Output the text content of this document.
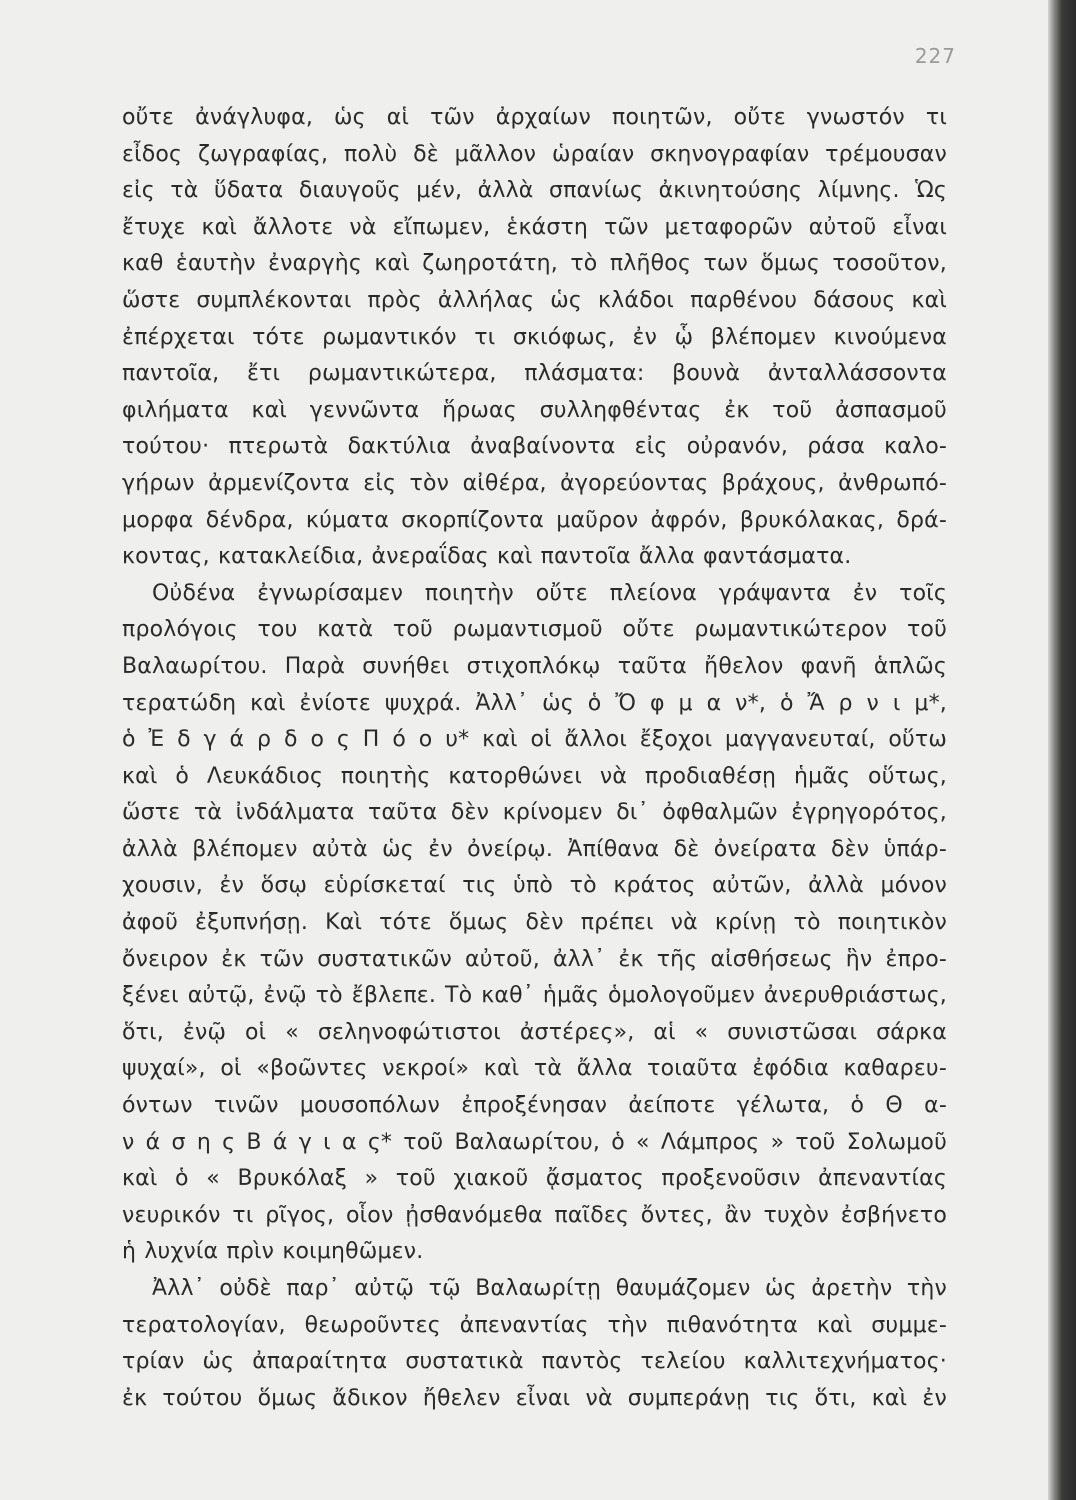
227
οὔτε ἀνάγλυφα, ὡς αἱ τῶν ἀρχαίων ποιητῶν, οὔτε γνωστόν τι
εἶδος ζωγραφίας, πολὺ δὲ μᾶλλον ὡραίαν σκηνογραφίαν τρέμουσαν
εἰς τὰ ὕδατα διαυγοῦς μέν, ἀλλὰ σπανίως ἀκινητούσης λίμνης. Ὡς
ἔτυχε καὶ ἄλλοτε νὰ εἴπωμεν, ἑκάστη τῶν μεταφορῶν αὐτοῦ εἶναι
καθ ἑαυτὴν ἐναργὴς καὶ ζωηροτάτη, τὸ πλῆθος των ὅμως τοσοῦτον,
ὥστε συμπλέκονται πρὸς ἀλλήλας ὡς κλάδοι παρθένου δάσους καὶ
ἐπέρχεται τότε ρωμαντικόν τι σκιόφως, ἐν ᾧ βλέπομεν κινούμενα
παντοῖα, ἔτι ρωμαντικώτερα, πλάσματα: βουνὰ ἀνταλλάσσοντα
φιλήματα καὶ γεννῶντα ἥρωας συλληφθέντας ἐκ τοῦ ἀσπασμοῦ
τούτου· πτερωτὰ δακτύλια ἀναβαίνοντα εἰς οὐρανόν, ράσα καλο-
γήρων ἀρμενίζοντα εἰς τὸν αἰθέρα, ἀγορεύοντας βράχους, ἀνθρωπό-
μορφα δένδρα, κύματα σκορπίζοντα μαῦρον ἀφρόν, βρυκόλακας, δρά-
κοντας, κατακλείδια, ἀνεραΐδας καὶ παντοῖα ἄλλα φαντάσματα.
Οὐδένα ἐγνωρίσαμεν ποιητὴν οὔτε πλείονα γράψαντα ἐν τοῖς
προλόγοις του κατὰ τοῦ ρωμαντισμοῦ οὔτε ρωμαντικώτερον τοῦ
Βαλαωρίτου. Παρὰ συνήθει στιχοπλόκῳ ταῦτα ἤθελον φανῆ ἁπλῶς
τερατώδη καὶ ἐνίοτε ψυχρά. Ἀλλ᾽ ὡς ὁ Ὄ φ μ α ν*, ὁ Ἄ ρ ν ι μ*,
ὁ Ἐ δ γ ά ρ δ ο ς Π ό ο υ* καὶ οἱ ἄλλοι ἔξοχοι μαγγανευταί, οὕτω
καὶ ὁ Λευκάδιος ποιητὴς κατορθώνει νὰ προδιαθέσῃ ἡμᾶς οὕτως,
ὥστε τὰ ἰνδάλματα ταῦτα δὲν κρίνομεν δι᾽ ὀφθαλμῶν ἐγρηγορότος,
ἀλλὰ βλέπομεν αὐτὰ ὡς ἐν ὀνείρῳ. Ἀπίθανα δὲ ὀνείρατα δὲν ὑπάρ-
χουσιν, ἐν ὅσῳ εὑρίσκεταί τις ὑπὸ τὸ κράτος αὐτῶν, ἀλλὰ μόνον
ἀφοῦ ἐξυπνήσῃ. Καὶ τότε ὅμως δὲν πρέπει νὰ κρίνῃ τὸ ποιητικὸν
ὄνειρον ἐκ τῶν συστατικῶν αὐτοῦ, ἀλλ᾽ ἐκ τῆς αἰσθήσεως ἣν ἐπρο-
ξένει αὐτῷ, ἐνῷ τὸ ἔβλεπε. Τὸ καθ᾽ ἡμᾶς ὁμολογοῦμεν ἀνερυθριάστως,
ὅτι, ἐνῷ οἱ « σεληνοφώτιστοι ἀστέρες», αἱ « συνιστῶσαι σάρκα
ψυχαί», οἱ «βοῶντες νεκροί» καὶ τὰ ἄλλα τοιαῦτα ἐφόδια καθαρευ-
όντων τινῶν μουσοπόλων ἐπροξένησαν ἀείποτε γέλωτα, ὁ Θ α-
ν ά σ η ς Β ά γ ι α ς* τοῦ Βαλαωρίτου, ὁ « Λάμπρος » τοῦ Σολωμοῦ
καὶ ὁ « Βρυκόλαξ » τοῦ χιακοῦ ᾄσματος προξενοῦσιν ἀπεναντίας
νευρικόν τι ρῖγος, οἷον ᾐσθανόμεθα παῖδες ὄντες, ἂν τυχὸν ἐσβήνετο
ἡ λυχνία πρὶν κοιμηθῶμεν.
Ἀλλ᾽ οὐδὲ παρ᾽ αὐτῷ τῷ Βαλαωρίτῃ θαυμάζομεν ὡς ἀρετὴν τὴν
τερατολογίαν, θεωροῦντες ἀπεναντίας τὴν πιθανότητα καὶ συμμε-
τρίαν ὡς ἀπαραίτητα συστατικὰ παντὸς τελείου καλλιτεχνήματος·
ἐκ τούτου ὅμως ἄδικον ἤθελεν εἶναι νὰ συμπεράνῃ τις ὅτι, καὶ ἐν
